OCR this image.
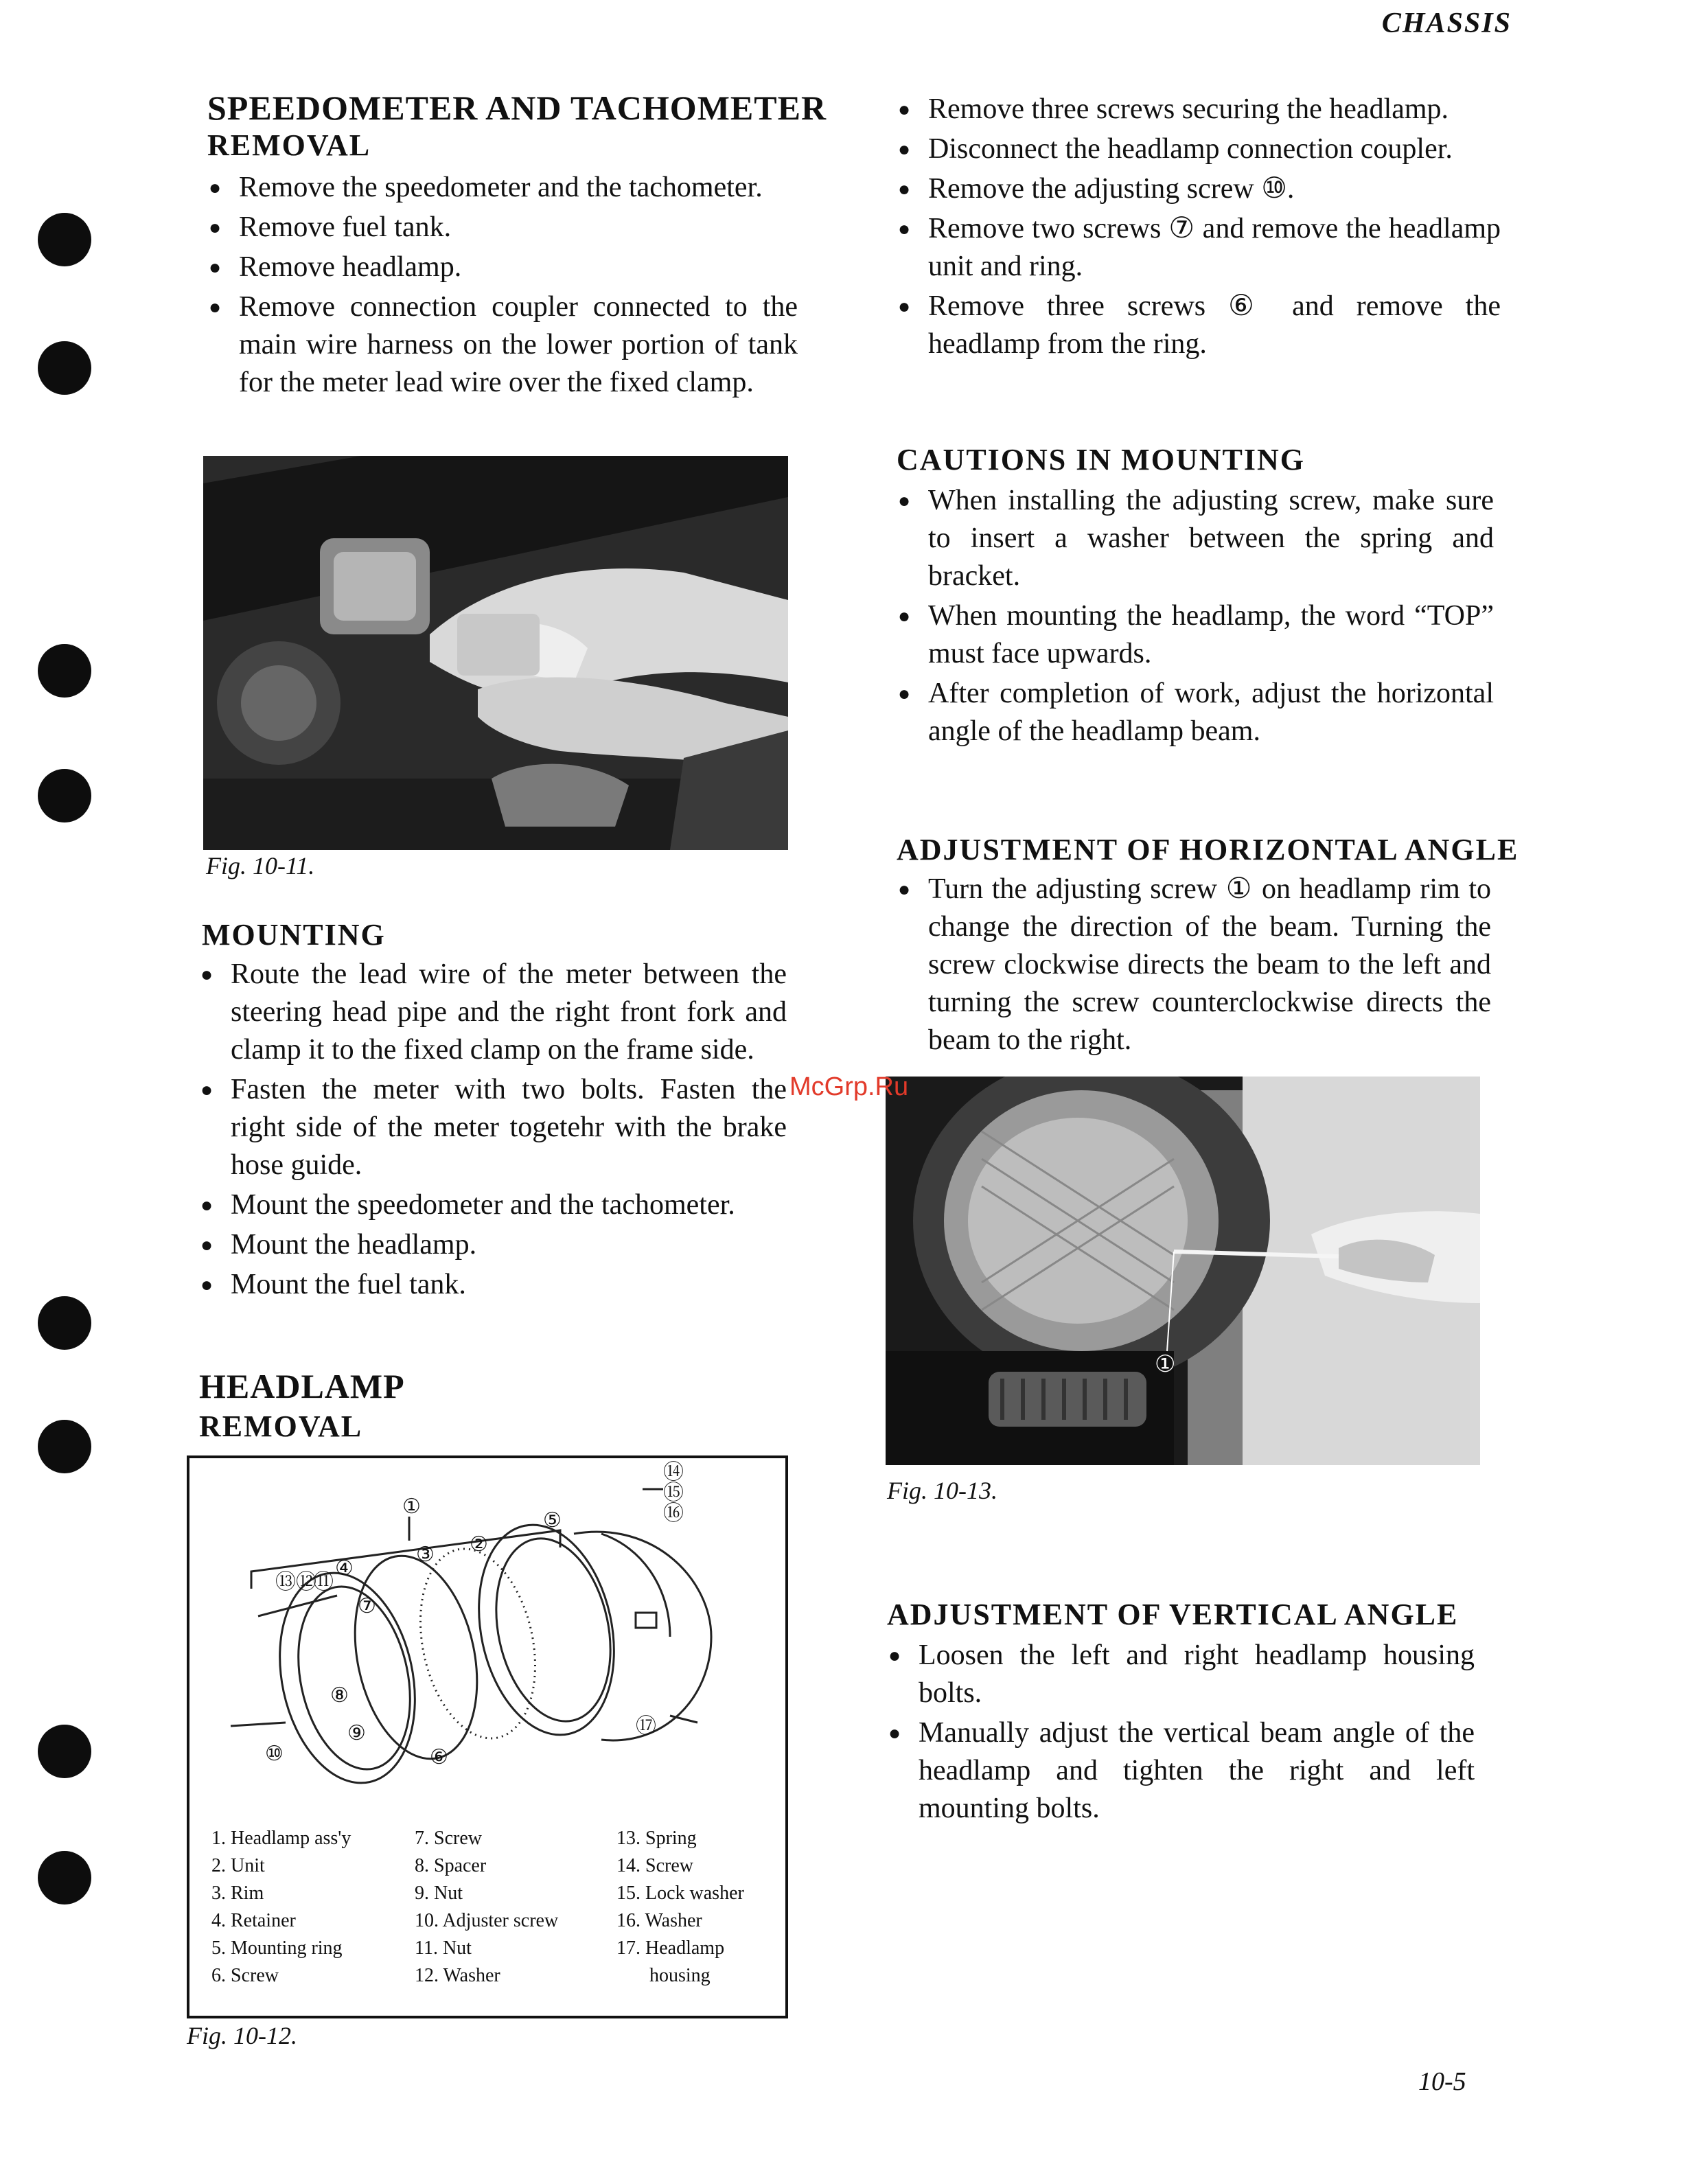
CHASSIS
SPEEDOMETER AND TACHOMETER
REMOVAL
● Remove the speedometer and the tachometer.
● Remove fuel tank.
● Remove headlamp.
● Remove connection coupler connected to the main wire harness on the lower portion of tank for the meter lead wire over the fixed clamp.
Fig. 10-11.
MOUNTING
● Route the lead wire of the meter between the steering head pipe and the right front fork and clamp it to the fixed clamp on the frame side.
● Fasten the meter with two bolts. Fasten the right side of the meter togetehr with the brake hose guide.
● Mount the speedometer and the tachometer.
● Mount the headlamp.
● Mount the fuel tank.
HEADLAMP
REMOVAL
①
②
③
④
⑤
⑥
⑦
⑧
⑨
⑩
⑪
⑫
⑬
⑭
⑮
⑯
⑰
1. Headlamp ass'y
2. Unit
3. Rim
4. Retainer
5. Mounting ring
6. Screw
7. Screw
8. Spacer
9. Nut
10. Adjuster screw
11. Nut
12. Washer
13. Spring
14. Screw
15. Lock washer
16. Washer
17. Headlamp
housing
Fig. 10-12.
● Remove three screws securing the headlamp.
● Disconnect the headlamp connection coupler.
● Remove the adjusting screw ⑩.
● Remove two screws ⑦ and remove the headlamp unit and ring.
● Remove three screws ⑥ and remove the headlamp from the ring.
CAUTIONS IN MOUNTING
● When installing the adjusting screw, make sure to insert a washer between the spring and bracket.
● When mounting the headlamp, the word “TOP” must face upwards.
● After completion of work, adjust the horizontal angle of the headlamp beam.
ADJUSTMENT OF HORIZONTAL ANGLE
● Turn the adjusting screw ① on headlamp rim to change the direction of the beam. Turning the screw clockwise directs the beam to the left and turning the screw counterclockwise directs the beam to the right.
①
Fig. 10-13.
ADJUSTMENT OF VERTICAL ANGLE
● Loosen the left and right headlamp housing bolts.
● Manually adjust the vertical beam angle of the headlamp and tighten the right and left mounting bolts.
McGrp.Ru
10-5
